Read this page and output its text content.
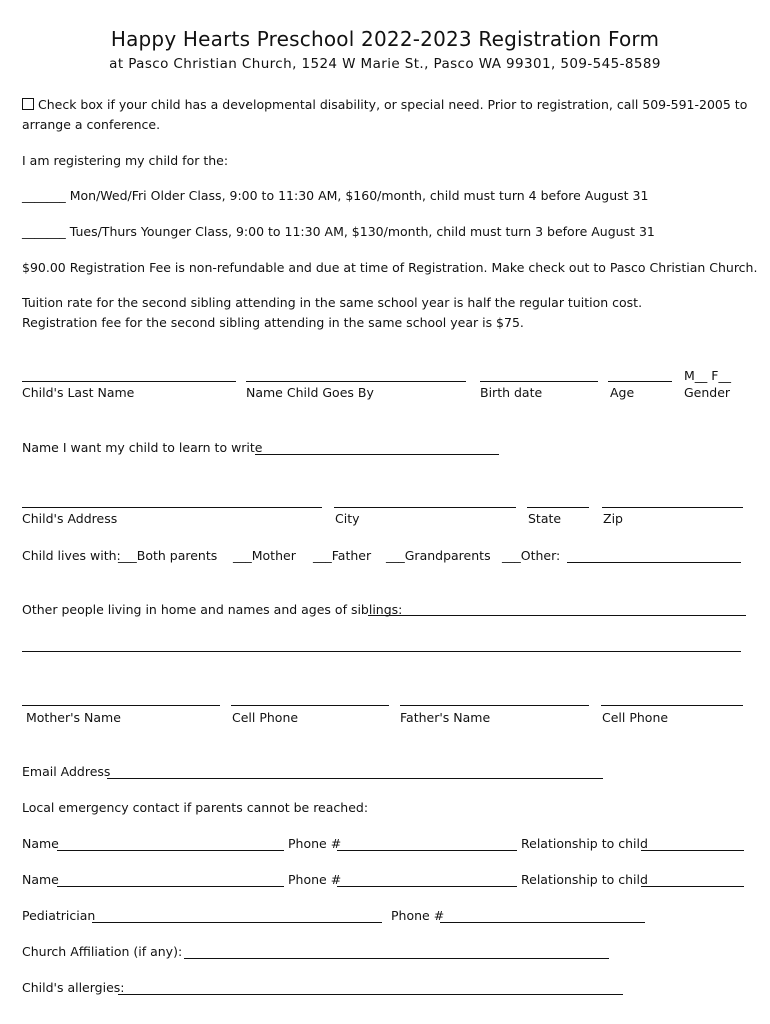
Happy Hearts Preschool 2022-2023 Registration Form
at Pasco Christian Church, 1524 W Marie St., Pasco WA 99301, 509-545-8589
Check box if your child has a developmental disability, or special need. Prior to registration, call 509-591-2005 to
arrange a conference.
I am registering my child for the:
_______ Mon/Wed/Fri Older Class, 9:00 to 11:30 AM, $160/month, child must turn 4 before August 31
_______ Tues/Thurs Younger Class, 9:00 to 11:30 AM, $130/month, child must turn 3 before August 31
$90.00 Registration Fee is non-refundable and due at time of Registration. Make check out to Pasco Christian Church.
Tuition rate for the second sibling attending in the same school year is half the regular tuition cost.
Registration fee for the second sibling attending in the same school year is $75.
M__ F__
Child's Last Name	Name Child Goes By	Birth date	Age	Gender
Name I want my child to learn to write
Child's Address	City	State	Zip
Child lives with:
___Both parents ___Mother ___Father ___Grandparents ___Other:
Other people living in home and names and ages of siblings:
Mother's Name	Cell Phone	Father's Name	Cell Phone
Email Address
Local emergency contact if parents cannot be reached:
Name	Phone #	Relationship to child
Name	Phone #	Relationship to child
Pediatrician	Phone #
Church Affiliation (if any):
Child's allergies:
